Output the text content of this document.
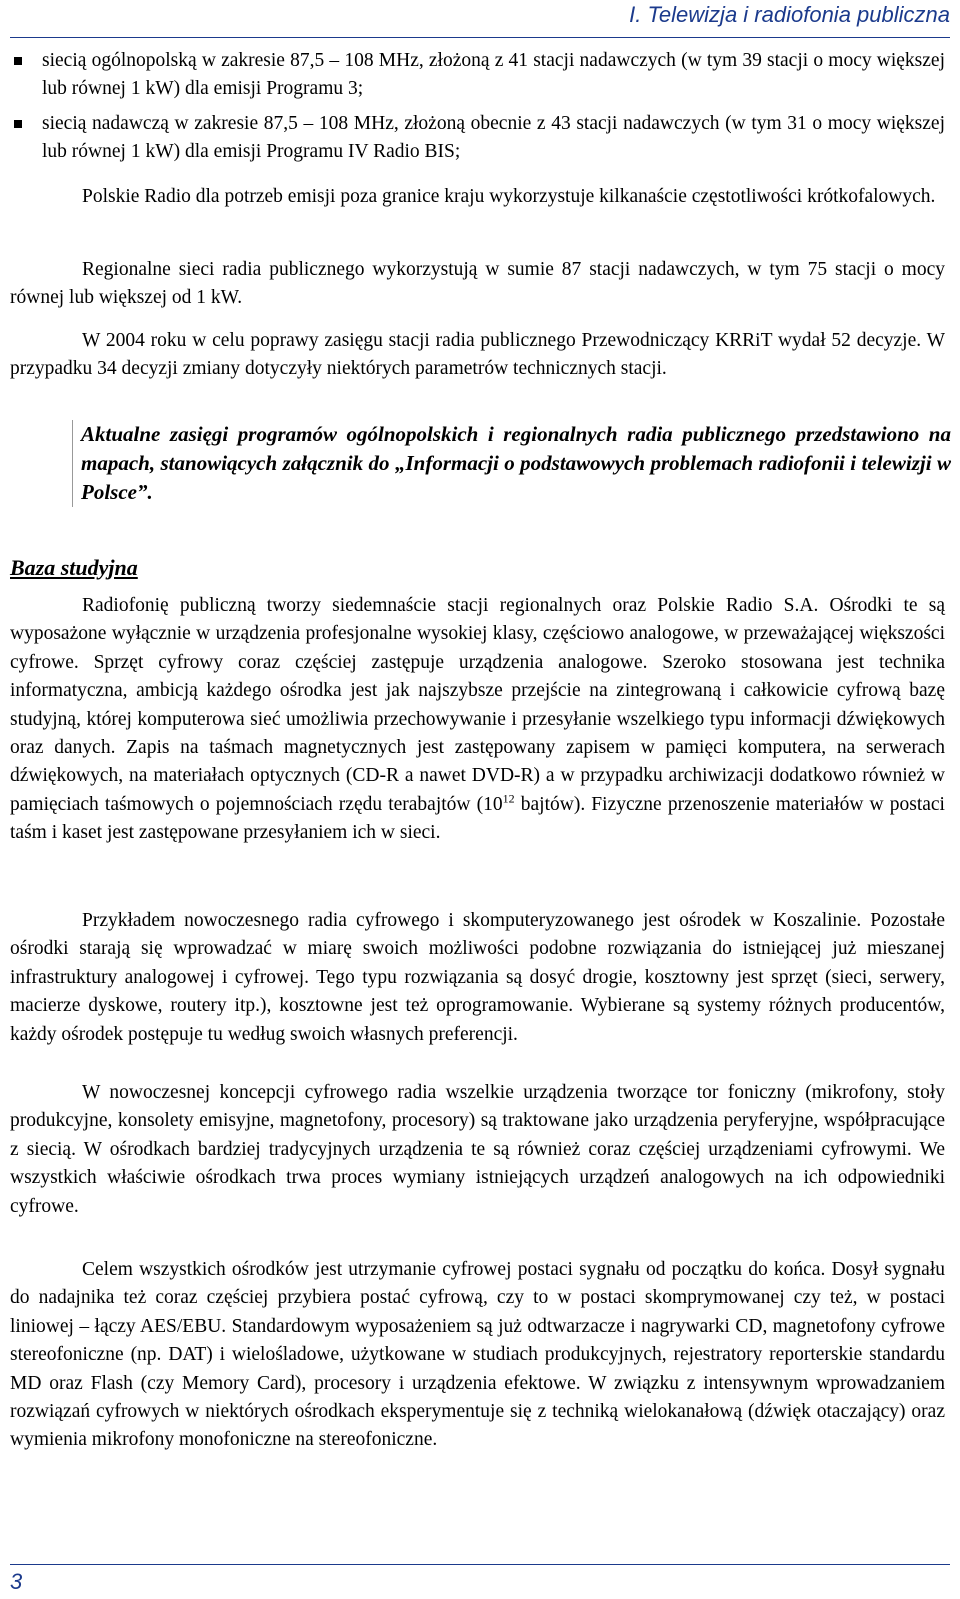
I. Telewizja i radiofonia publiczna
siecią ogólnopolską w zakresie 87,5 – 108 MHz, złożoną z 41 stacji nadawczych (w tym 39 stacji o mocy większej lub równej 1 kW) dla emisji Programu 3;
siecią nadawczą w zakresie 87,5 – 108 MHz, złożoną obecnie z 43 stacji nadawczych (w tym 31 o mocy większej lub równej 1 kW) dla emisji Programu IV Radio BIS;

Polskie Radio dla potrzeb emisji poza granice kraju wykorzystuje kilkanaście częstotliwości krótkofalowych.

Regionalne sieci radia publicznego wykorzystują w sumie 87 stacji nadawczych, w tym 75 stacji o mocy równej lub większej od 1 kW.

W 2004 roku w celu poprawy zasięgu stacji radia publicznego Przewodniczący KRRiT wydał 52 decyzje. W przypadku 34 decyzji zmiany dotyczyły niektórych parametrów technicznych stacji.

Aktualne zasięgi programów ogólnopolskich i regionalnych radia publicznego przedstawiono na mapach, stanowiących załącznik do „Informacji o podstawowych problemach radiofonii i telewizji w Polsce”.
Baza studyjna

Radiofonię publiczną tworzy siedemnaście stacji regionalnych oraz Polskie Radio S.A. Ośrodki te są wyposażone wyłącznie w urządzenia profesjonalne wysokiej klasy, częściowo analogowe, w przeważającej większości cyfrowe. Sprzęt cyfrowy coraz częściej zastępuje urządzenia analogowe. Szeroko stosowana jest technika informatyczna, ambicją każdego ośrodka jest jak najszybsze przejście na zintegrowaną i całkowicie cyfrową bazę studyjną, której komputerowa sieć umożliwia przechowywanie i przesyłanie wszelkiego typu informacji dźwiękowych oraz danych. Zapis na taśmach magnetycznych jest zastępowany zapisem w pamięci komputera, na serwerach dźwiękowych, na materiałach optycznych (CD-R a nawet DVD-R) a w przypadku archiwizacji dodatkowo również w pamięciach taśmowych o pojemnościach rzędu terabajtów ($10^{12}$ bajtów). Fizyczne przenoszenie materiałów w postaci taśm i kaset jest zastępowane przesyłaniem ich w sieci.

Przykładem nowoczesnego radia cyfrowego i skomputeryzowanego jest ośrodek w Koszalinie. Pozostałe ośrodki starają się wprowadzać w miarę swoich możliwości podobne rozwiązania do istniejącej już mieszanej infrastruktury analogowej i cyfrowej. Tego typu rozwiązania są dosyć drogie, kosztowny jest sprzęt (sieci, serwery, macierze dyskowe, routery itp.), kosztowne jest też oprogramowanie. Wybierane są systemy różnych producentów, każdy ośrodek postępuje tu według swoich własnych preferencji.

W nowoczesnej koncepcji cyfrowego radia wszelkie urządzenia tworzące tor foniczny (mikrofony, stoły produkcyjne, konsolety emisyjne, magnetofony, procesory) są traktowane jako urządzenia peryferyjne, współpracujące z siecią. W ośrodkach bardziej tradycyjnych urządzenia te są również coraz częściej urządzeniami cyfrowymi. We wszystkich właściwie ośrodkach trwa proces wymiany istniejących urządzeń analogowych na ich odpowiedniki cyfrowe.

Celem wszystkich ośrodków jest utrzymanie cyfrowej postaci sygnału od początku do końca. Dosył sygnału do nadajnika też coraz częściej przybiera postać cyfrową, czy to w postaci skomprymowanej czy też, w postaci liniowej – łączy AES/EBU. Standardowym wyposażeniem są już odtwarzacze i nagrywarki CD, magnetofony cyfrowe stereofoniczne (np. DAT) i wielośladowe, użytkowane w studiach produkcyjnych, rejestratory reporterskie standardu MD oraz Flash (czy Memory Card), procesory i urządzenia efektowe. W związku z intensywnym wprowadzaniem rozwiązań cyfrowych w niektórych ośrodkach eksperymentuje się z techniką wielokanałową (dźwięk otaczający) oraz wymienia mikrofony monofoniczne na stereofoniczne.

3
